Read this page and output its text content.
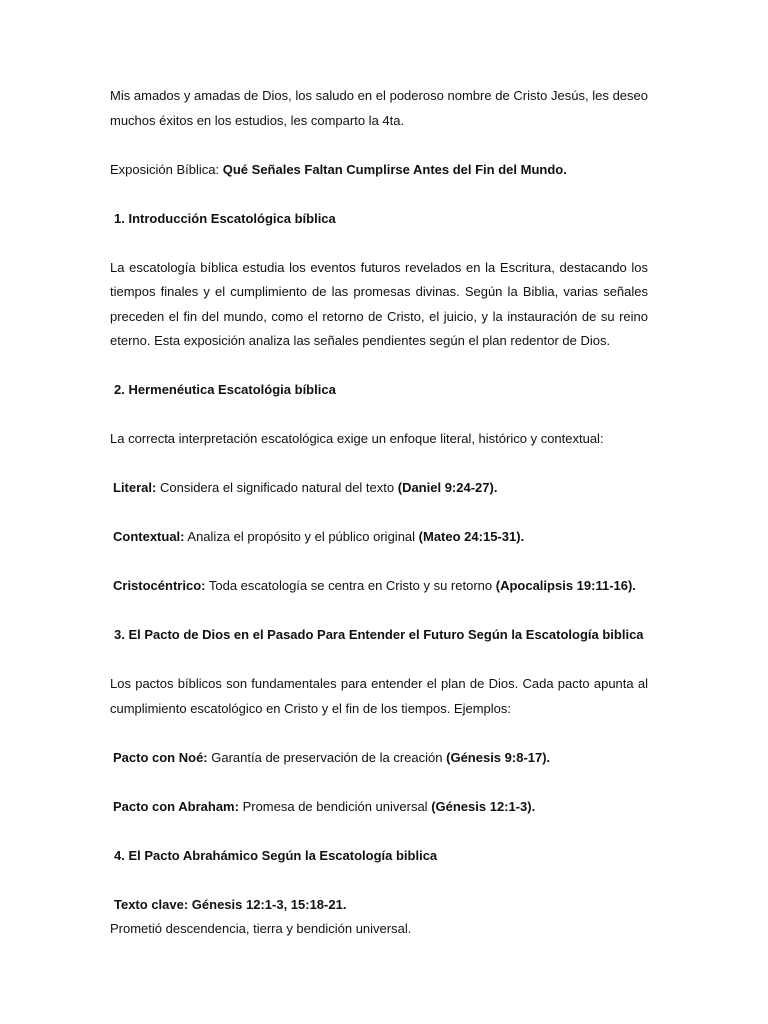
Mis amados y amadas de Dios, los saludo en el poderoso nombre de Cristo Jesús, les deseo muchos éxitos en los estudios, les comparto la 4ta.

Exposición Bíblica: Qué Señales Faltan Cumplirse Antes del Fin del Mundo.

1. Introducción Escatológica bíblica

La escatología bíblica estudia los eventos futuros revelados en la Escritura, destacando los tiempos finales y el cumplimiento de las promesas divinas. Según la Biblia, varias señales preceden el fin del mundo, como el retorno de Cristo, el juicio, y la instauración de su reino eterno. Esta exposición analiza las señales pendientes según el plan redentor de Dios.

2. Hermenéutica Escatológia bíblica

La correcta interpretación escatológica exige un enfoque literal, histórico y contextual:

Literal: Considera el significado natural del texto (Daniel 9:24-27).

Contextual: Analiza el propósito y el público original (Mateo 24:15-31).

Cristocéntrico: Toda escatología se centra en Cristo y su retorno (Apocalipsis 19:11-16).

3. El Pacto de Dios en el Pasado Para Entender el Futuro Según la Escatología biblica

Los pactos bíblicos son fundamentales para entender el plan de Dios. Cada pacto apunta al cumplimiento escatológico en Cristo y el fin de los tiempos. Ejemplos:

Pacto con Noé: Garantía de preservación de la creación (Génesis 9:8-17).

Pacto con Abraham: Promesa de bendición universal (Génesis 12:1-3).

4. El Pacto Abrahámico Según la Escatología biblica

Texto clave: Génesis 12:1-3, 15:18-21.

Prometió descendencia, tierra y bendición universal.
